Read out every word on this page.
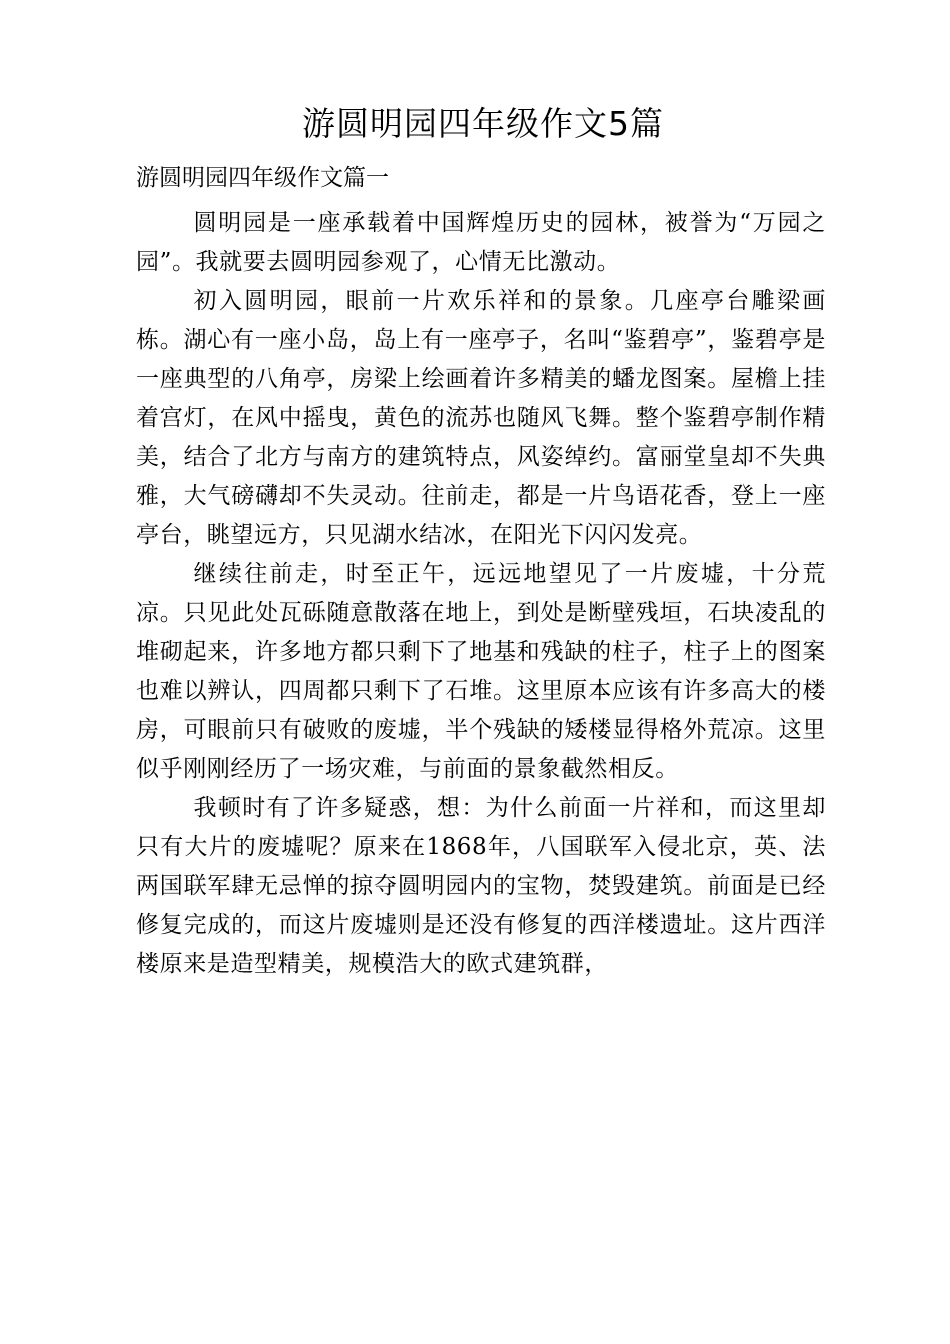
游圆明园四年级作文5篇
游圆明园四年级作文篇一

圆明园是一座承载着中国辉煌历史的园林，被誉为“万园之园”。我就要去圆明园参观了，心情无比激动。

初入圆明园，眼前一片欢乐祥和的景象。几座亭台雕梁画栋。湖心有一座小岛，岛上有一座亭子，名叫“鉴碧亭”，鉴碧亭是一座典型的八角亭，房梁上绘画着许多精美的蟠龙图案。屋檐上挂着宫灯，在风中摇曳，黄色的流苏也随风飞舞。整个鉴碧亭制作精美，结合了北方与南方的建筑特点，风姿绰约。富丽堂皇却不失典雅，大气磅礴却不失灵动。往前走，都是一片鸟语花香，登上一座亭台，眺望远方，只见湖水结冰，在阳光下闪闪发亮。

继续往前走，时至正午，远远地望见了一片废墟，十分荒凉。只见此处瓦砾随意散落在地上，到处是断壁残垣，石块凌乱的堆砌起来，许多地方都只剩下了地基和残缺的柱子，柱子上的图案也难以辨认，四周都只剩下了石堆。这里原本应该有许多高大的楼房，可眼前只有破败的废墟，半个残缺的矮楼显得格外荒凉。这里似乎刚刚经历了一场灾难，与前面的景象截然相反。

我顿时有了许多疑惑，想：为什么前面一片祥和，而这里却只有大片的废墟呢？原来在1868年，八国联军入侵北京，英、法两国联军肆无忌惮的掠夺圆明园内的宝物，焚毁建筑。前面是已经修复完成的，而这片废墟则是还没有修复的西洋楼遗址。这片西洋楼原来是造型精美，规模浩大的欧式建筑群，
